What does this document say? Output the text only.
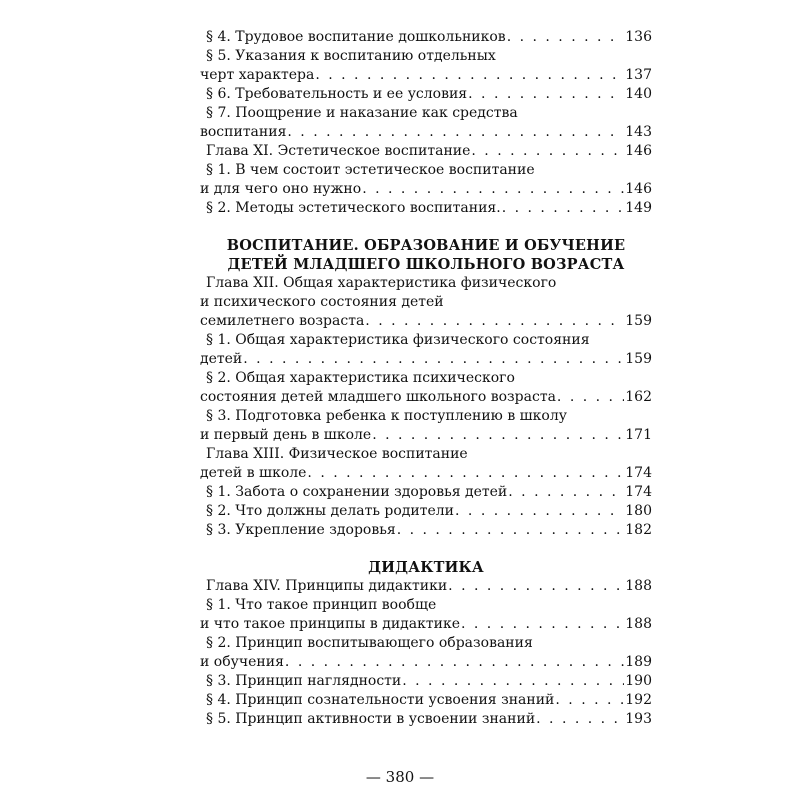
§ 4. Трудовое воспитание дошкольников . . .	136
§ 5. Указания к воспитанию отдельных
черт характера . . .	137
§ 6. Требовательность и ее условия . . .	140
§ 7. Поощрение и наказание как средства
воспитания . . .	143
Глава XI. Эстетическое воспитание . . .	146
§ 1. В чем состоит эстетическое воспитание
и для чего оно нужно . . .	146
§ 2. Методы эстетического воспитания. . . .	149
ВОСПИТАНИЕ. ОБРАЗОВАНИЕ И ОБУЧЕНИЕ
ДЕТЕЙ МЛАДШЕГО ШКОЛЬНОГО ВОЗРАСТА
Глава XII. Общая характеристика физического
и психического состояния детей
семилетнего возраста . . .	159
§ 1. Общая характеристика физического состояния
детей . . .	159
§ 2. Общая характеристика психического
состояния детей младшего школьного возраста . . .	162
§ 3. Подготовка ребенка к поступлению в школу
и первый день в школе . . .	171
Глава XIII. Физическое воспитание
детей в школе . . .	174
§ 1. Забота о сохранении здоровья детей . . .	174
§ 2. Что должны делать родители . . .	180
§ 3. Укрепление здоровья . . .	182
ДИДАКТИКА
Глава XIV. Принципы дидактики . . .	188
§ 1. Что такое принцип вообще
и что такое принципы в дидактике . . .	188
§ 2. Принцип воспитывающего образования
и обучения . . .	189
§ 3. Принцип наглядности . . .	190
§ 4. Принцип сознательности усвоения знаний . . .	192
§ 5. Принцип активности в усвоении знаний . . .	193
— 380 —
